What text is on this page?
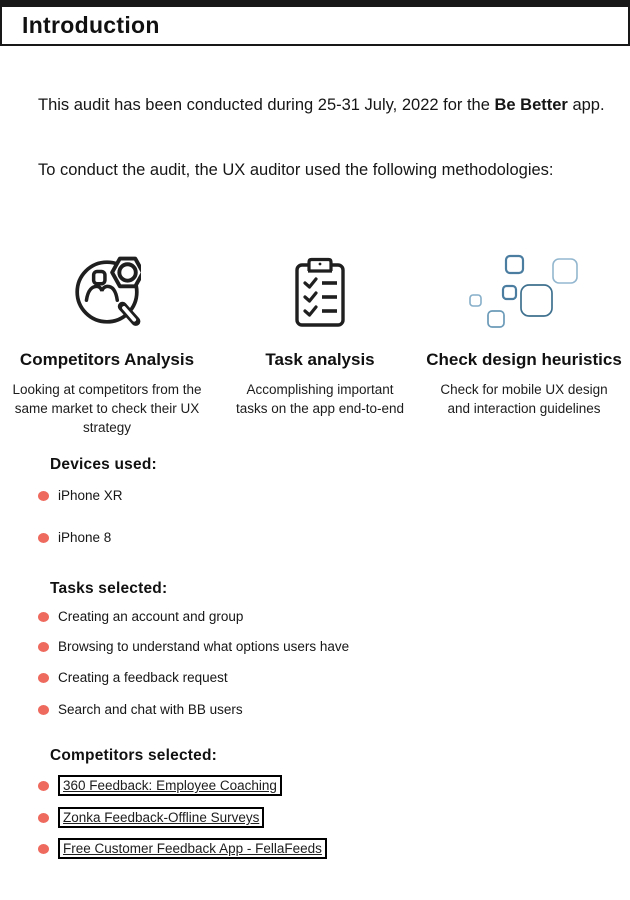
Introduction

This audit has been conducted during 25-31 July, 2022 for the Be Better app.

To conduct the audit, the UX auditor used the following methodologies:

Competitors Analysis
Looking at competitors from the same market to check their UX strategy
Task analysis
Accomplishing important tasks on the app end-to-end
Check design heuristics
Check for mobile UX design and interaction guidelines
Devices used:
iPhone XR
iPhone 8
Tasks selected:
Creating an account and group
Browsing to understand what options users have
Creating a feedback request
Search and chat with BB users
Competitors selected:
360 Feedback: Employee Coaching
Zonka Feedback-Offline Surveys
Free Customer Feedback App - FellaFeeds
